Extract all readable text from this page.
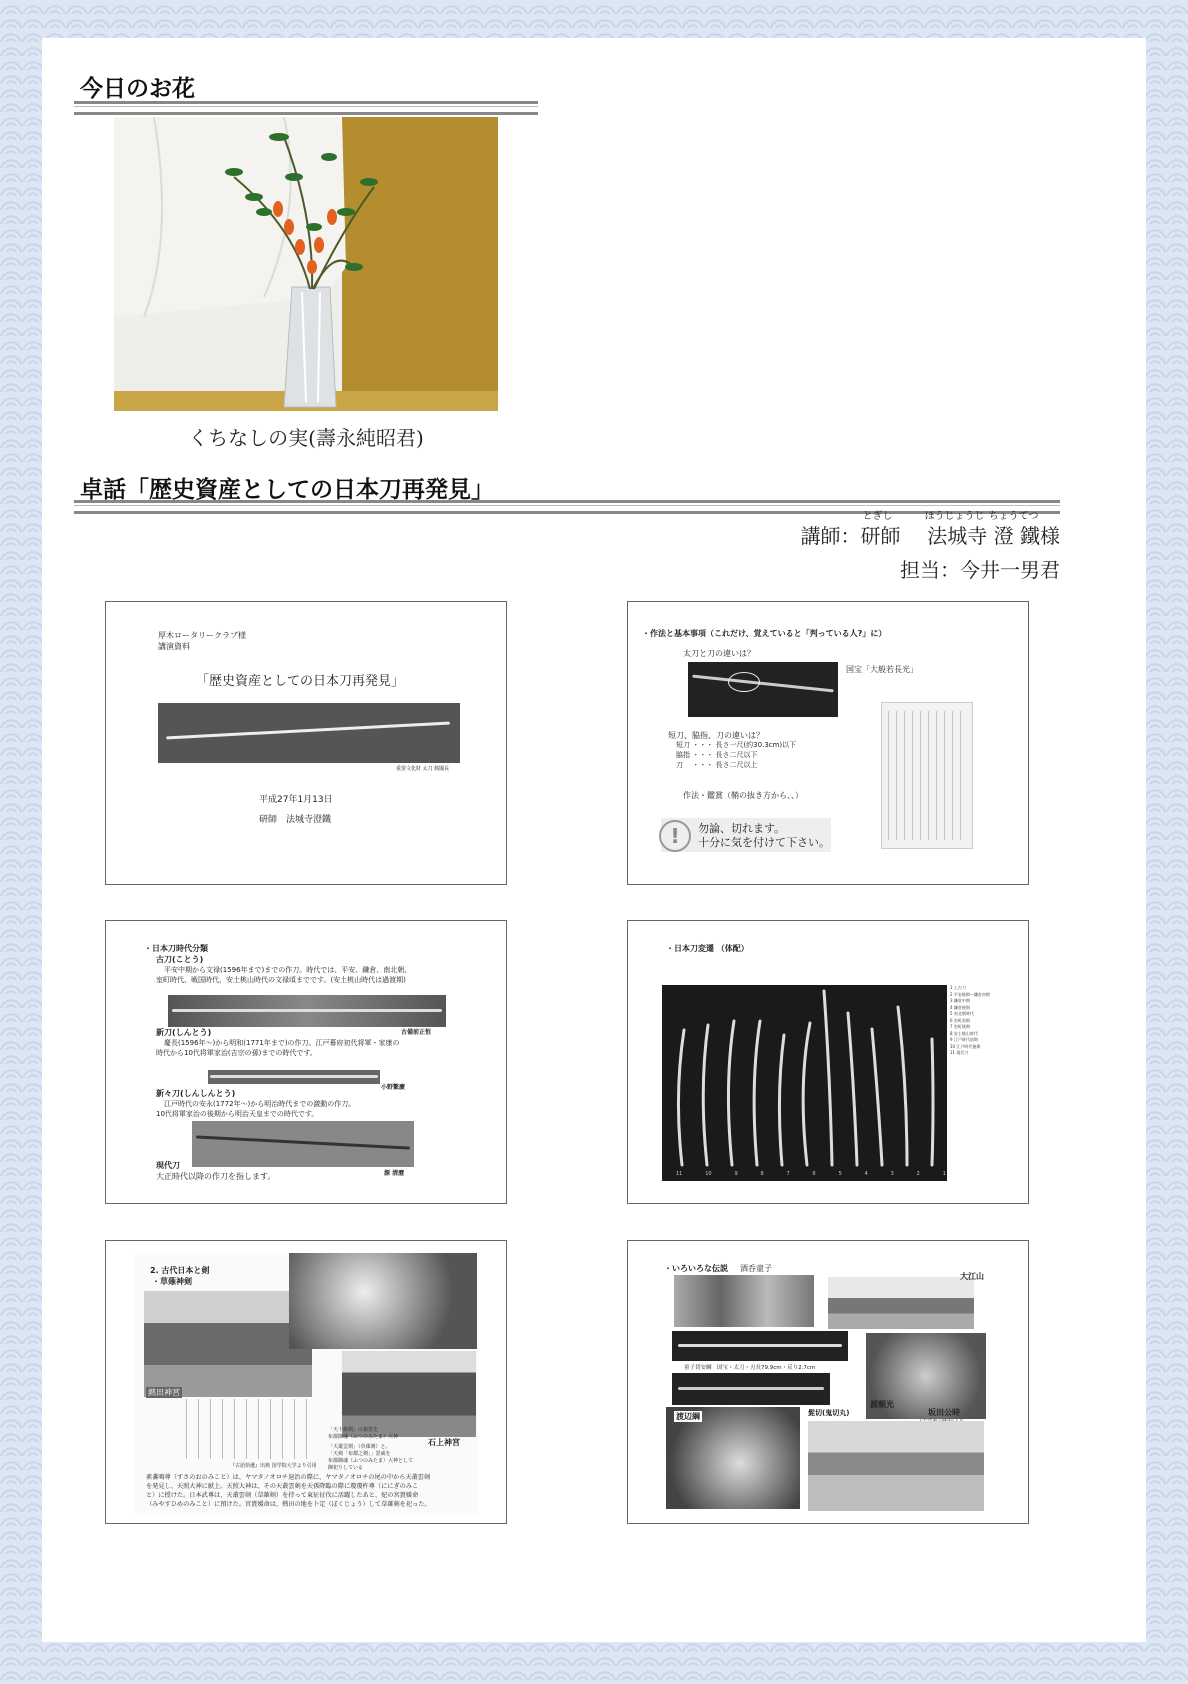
今日のお花
くちなしの実(壽永純昭君)
卓話「歴史資産としての日本刀再発見」
講師：研師 法城寺 澄 鐵様
とぎし	ほうじょうじ ちょうてつ
担当：今井一男君
厚木ロータリークラブ様
講演資料
「歴史資産としての日本刀再発見」
重要文化財 太刀 銘國長
平成27年1月13日
研師　法城寺澄鐵
・作法と基本事項（これだけ、覚えていると「判っている人?」に）
太刀と刀の違いは？
国宝「大般若長光」
短刀、脇指、刀の違いは？
短刀 ・・・ 長さ一尺(約30.3cm)以下
脇指 ・・・ 長さ二尺以下
刀　 ・・・ 長さ二尺以上
作法・鑑賞（鞘の抜き方から、、）
!	勿論、切れます。
十分に気を付けて下さい。
・日本刀時代分類
古刀(ことう)
平安中期から文禄(1596年まで)までの作刀。時代では、平安、鎌倉、南北朝、
室町時代、戦国時代、安土桃山時代の文禄頃までです。(安土桃山時代は過渡期)
新刀(しんとう)	古備前正恒
慶長(1596年〜)から明和(1771年まで)の作刀。江戸幕府初代将軍・家康の
時代から10代将軍家治(吉宗の孫)までの時代です。
小野繁慶
新々刀(しんしんとう)
江戸時代の安永(1772年〜)から明治時代までの激動の作刀。
10代将軍家治の後期から明治天皇までの時代です。
源 清麿
現代刀
大正時代以降の作刀を指します。
・日本刀変遷 （体配）
11	10	9	8	7	6	5	4	3	2	1
1 上古刀
2 平安後期〜鎌倉初期
3 鎌倉中期
4 鎌倉後期
5 南北朝時代
6 室町前期
7 室町後期
8 安土桃山時代
9 江戸時代前期
10 江戸時代後期
11 現代刀
2. 古代日本と剣
・草薙神剣
熱田神宮
石上神宮
「天十握剣」の祖霊を
布都御魂（ふつのみたま）大神
「天叢雲剣」（草薙剣）と、
「天剣「布都之剣」」霊威を
布都御魂（ふつのみたま）大神として
御祀りしている
『古語拾遺』出典 国学院大学より引用
素盞鳴尊（すさのおのみこと）は、ヤマタノオロチ退治の際に、ヤマタノオロチの尾の中から天叢雲剣
を発見し、天照大神に献上。天照大神は、その天叢雲剣を天孫降臨の際に瓊瓊杵尊（ににぎのみこ
と）に授けた。日本武尊は、天叢雲剣（草薙剣）を持って東征征伐に活躍したあと、妃の宮簀媛命
（みやすひめのみこと）に預けた。宮簀媛命は、熱田の地を卜定（ぼくじょう）して草薙剣を祀った。
・いろいろな伝説 酒呑童子
大江山
童子切安綱　国宝・太刀・刃長79.9cm・反り2.7cm
源頼光
坂田公時
渡辺綱	髭切(鬼切丸)
